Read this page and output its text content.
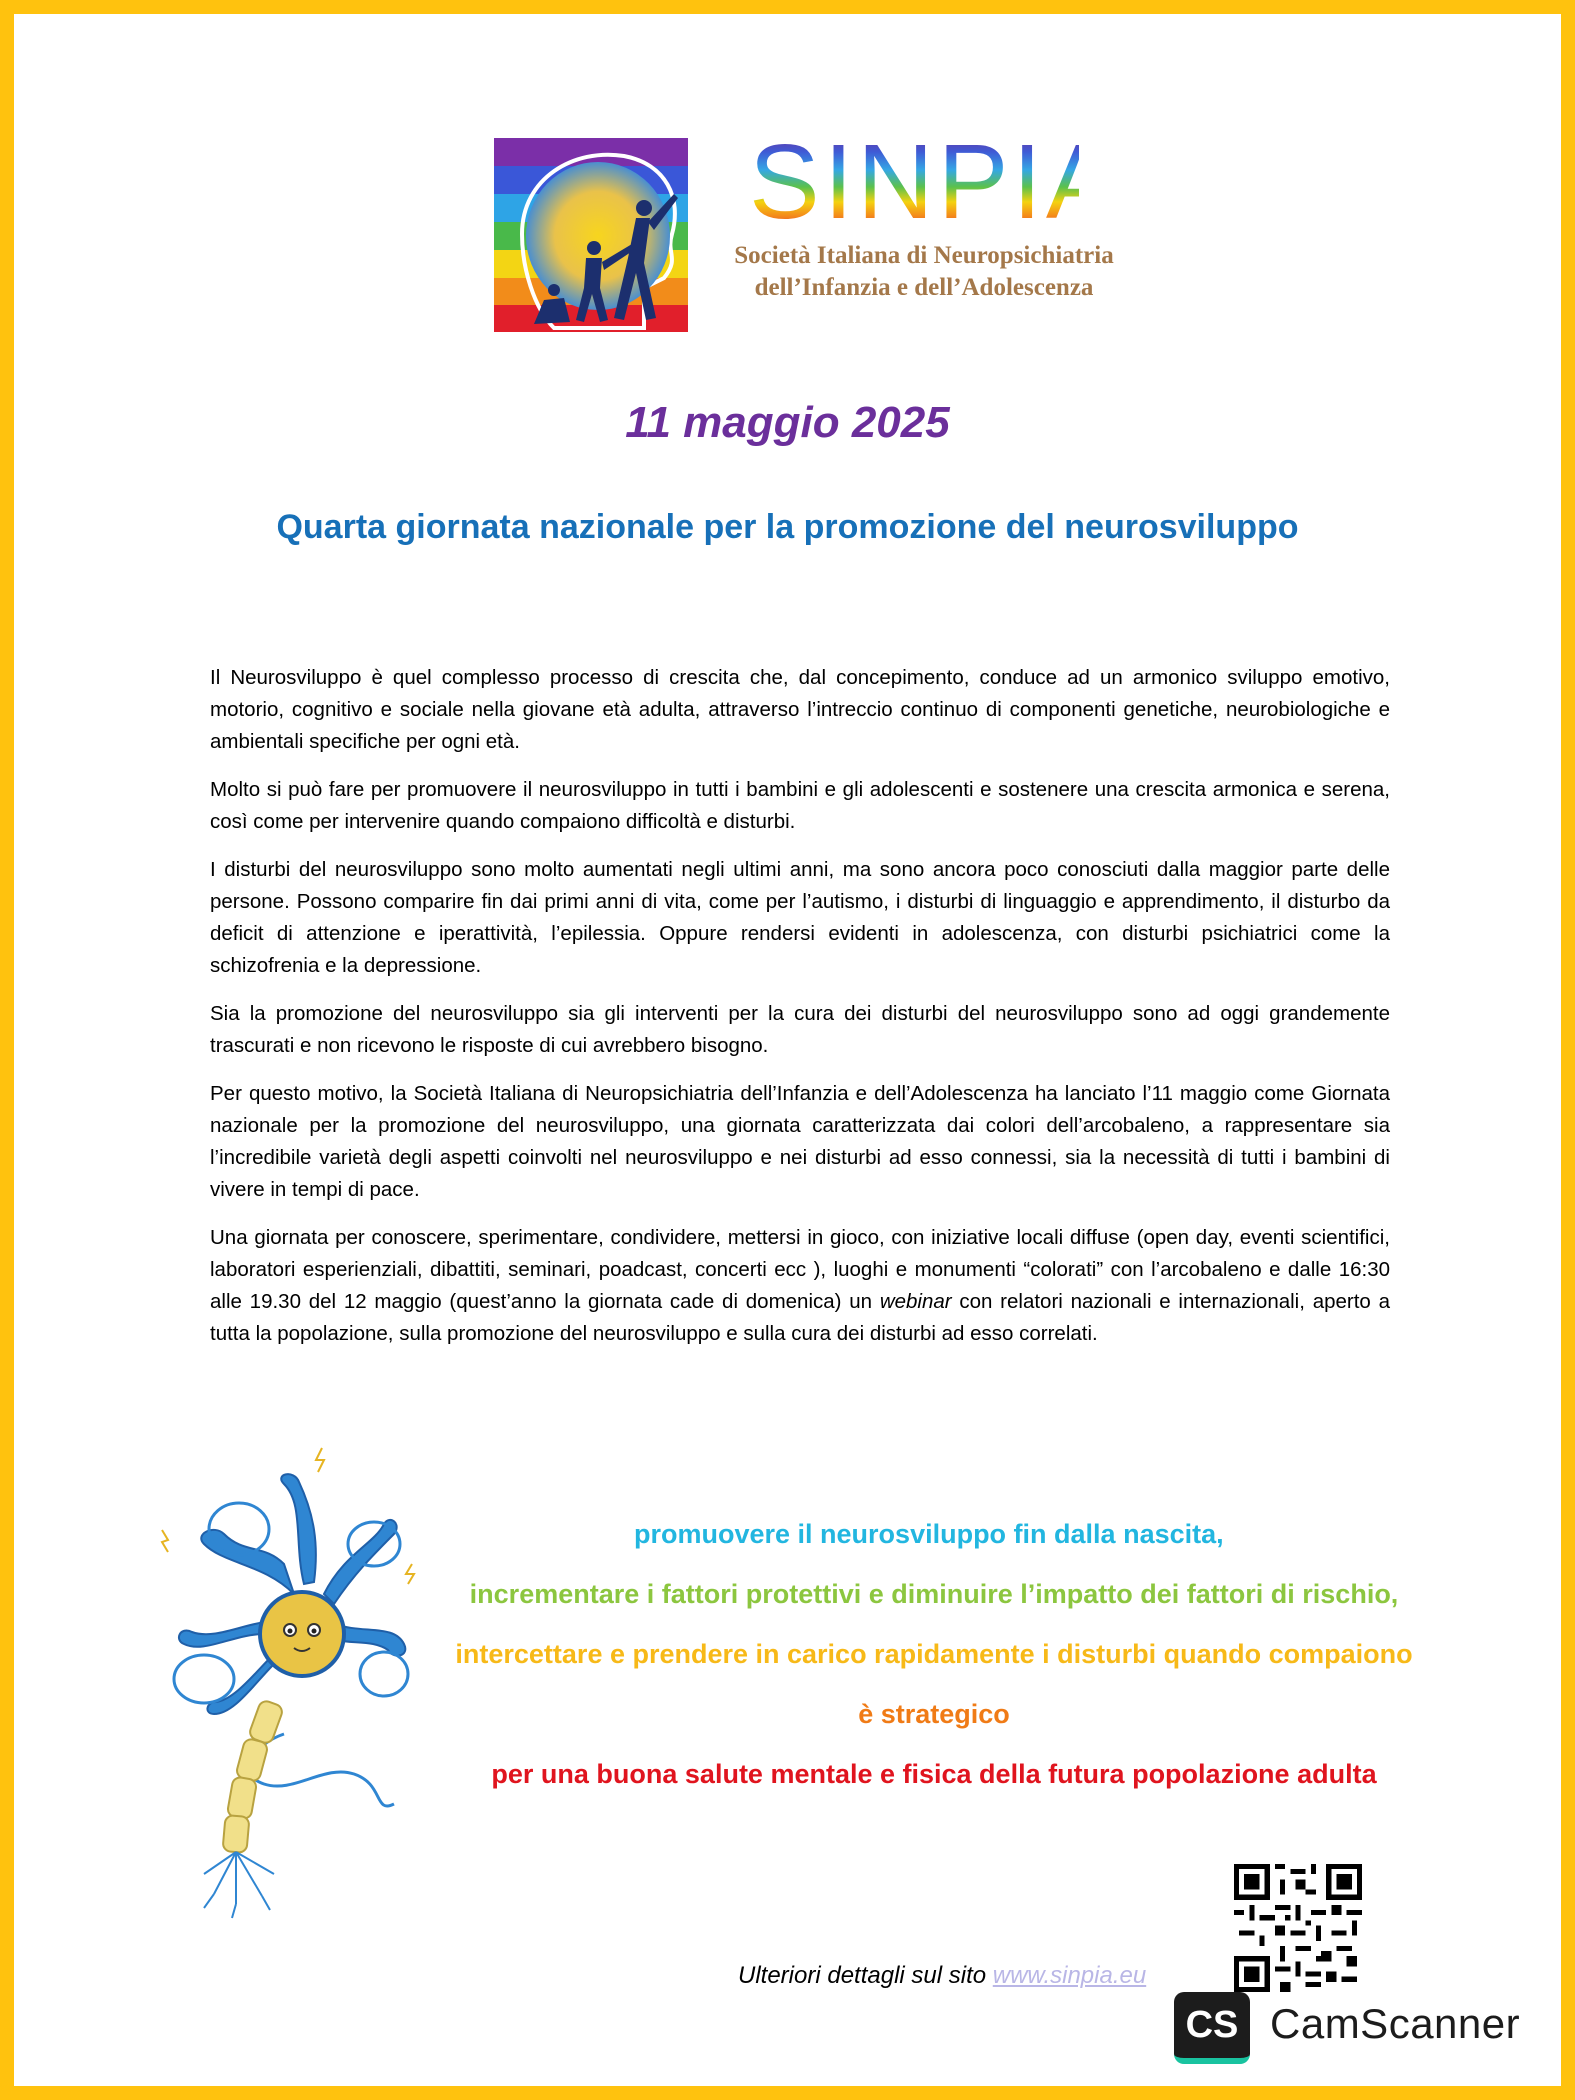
SINPIA
Società Italiana di Neuropsichiatria
dell’Infanzia e dell’Adolescenza
11 maggio 2025
Quarta giornata nazionale per la promozione del neurosviluppo

Il Neurosviluppo è quel complesso processo di crescita che, dal concepimento, conduce ad un armonico sviluppo emotivo, motorio, cognitivo e sociale nella giovane età adulta, attraverso l’intreccio continuo di componenti genetiche, neurobiologiche e ambientali specifiche per ogni età.

Molto si può fare per promuovere il neurosviluppo in tutti i bambini e gli adolescenti e sostenere una crescita armonica e serena, così come per intervenire quando compaiono difficoltà e disturbi.

I disturbi del neurosviluppo sono molto aumentati negli ultimi anni, ma sono ancora poco conosciuti dalla maggior parte delle persone. Possono comparire fin dai primi anni di vita, come per l’autismo, i disturbi di linguaggio e apprendimento, il disturbo da deficit di attenzione e iperattività, l’epilessia. Oppure rendersi evidenti in adolescenza, con disturbi psichiatrici come la schizofrenia e la depressione.

Sia la promozione del neurosviluppo sia gli interventi per la cura dei disturbi del neurosviluppo sono ad oggi grandemente trascurati e non ricevono le risposte di cui avrebbero bisogno.

Per questo motivo, la Società Italiana di Neuropsichiatria dell’Infanzia e dell’Adolescenza ha lanciato l’11 maggio come Giornata nazionale per la promozione del neurosviluppo, una giornata caratterizzata dai colori dell’arcobaleno, a rappresentare sia l’incredibile varietà degli aspetti coinvolti nel neurosviluppo e nei disturbi ad esso connessi, sia la necessità di tutti i bambini di vivere in tempi di pace.

Una giornata per conoscere, sperimentare, condividere, mettersi in gioco, con iniziative locali diffuse (open day, eventi scientifici, laboratori esperienziali, dibattiti, seminari, poadcast, concerti ecc ), luoghi e monumenti “colorati” con l’arcobaleno e dalle 16:30 alle 19.30 del 12 maggio (quest’anno la giornata cade di domenica) un webinar con relatori nazionali e internazionali, aperto a tutta la popolazione, sulla promozione del neurosviluppo e sulla cura dei disturbi ad esso correlati.

promuovere il neurosviluppo fin dalla nascita,
incrementare i fattori protettivi e diminuire l’impatto dei fattori di rischio,
intercettare e prendere in carico rapidamente i disturbi quando compaiono
è strategico
per una buona salute mentale e fisica della futura popolazione adulta
Ulteriori dettagli sul sito www.sinpia.eu
CS CamScanner
